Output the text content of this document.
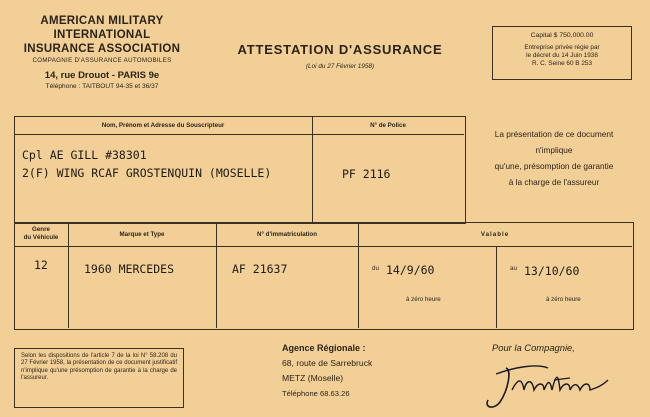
AMERICAN MILITARY
INTERNATIONAL
INSURANCE ASSOCIATION
COMPAGNIE D'ASSURANCE AUTOMOBILES
14, rue Drouot - PARIS 9e
Téléphone : TAITBOUT 94-35 et 36/37
ATTESTATION D'ASSURANCE
(Loi du 27 Février 1958)
Capital $ 750,000.00
Entreprise privée régie par
le décret du 14 Juin 1938
R. C. Seine 60 B 253
Nom, Prénom et Adresse du Souscripteur	N° de Police
Cpl AE GILL #38301
2(F) WING RCAF GROSTENQUIN (MOSELLE)	PF 2116
La présentation de ce document
n'implique
qu'une, présomption de garantie
à la charge de l'assureur
Genre
du Véhicule	Marque et Type	N° d'immatriculation	Valable
12	1960 MERCEDES	AF 21637	du 14/9/60
à zéro heure
au 13/10/60
à zéro heure
Selon les dispositions de l'article 7 de la loi N° 58.208 du 27 Février 1958, la présentation de ce document justificatif n'implique qu'une présomption de garantie à la charge de l'assureur.
Agence Régionale :
68, route de Sarrebruck
METZ (Moselle)
Téléphone 68.63.26
Pour la Compagnie,
